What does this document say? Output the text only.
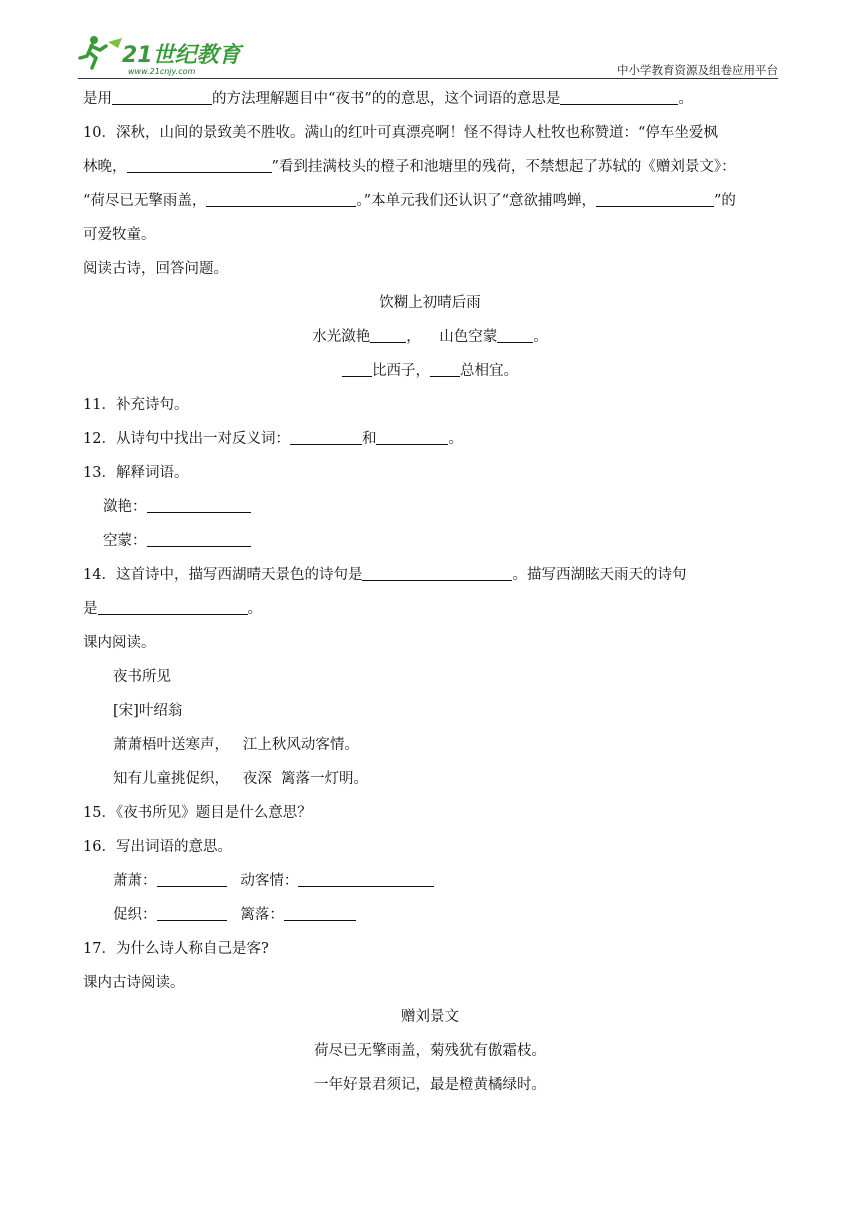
21世纪教育
www.21cnjy.com	中小学教育资源及组卷应用平台
是用	的方法理解题目中“夜书”的的意思，这个词语的意思是	。
10．深秋，山间的景致美不胜收。满山的红叶可真漂亮啊！怪不得诗人杜牧也称赞道：“停车坐爱枫
林晚，	”看到挂满枝头的橙子和池塘里的残荷，不禁想起了苏轼的《赠刘景文》：
“荷尽已无擎雨盖，	。”本单元我们还认识了“意欲捕鸣蝉，	”的
可爱牧童。
阅读古诗，回答问题。
饮糊上初晴后雨
水光潋艳 ， 山色空蒙 。
比西子， 总相宜。
11．补充诗句。
12．从诗句中找出一对反义词：	和	。
13．解释词语。
潋艳：
空蒙：
14．这首诗中，描写西湖晴天景色的诗句是	。描写西湖眩天雨天的诗句
是	。
课内阅读。
夜书所见
[宋]叶绍翁
萧萧梧叶送寒声， 江上秋风动客情。
知有儿童挑促织， 夜深 篱落一灯明。
15．《夜书所见》题目是什么意思？
16．写出词语的意思。
萧萧：	动客情：
促织：	篱落：
17．为什么诗人称自己是客?
课内古诗阅读。
赠刘景文
荷尽已无擎雨盖，菊残犹有傲霜枝。
一年好景君须记，最是橙黄橘绿时。
